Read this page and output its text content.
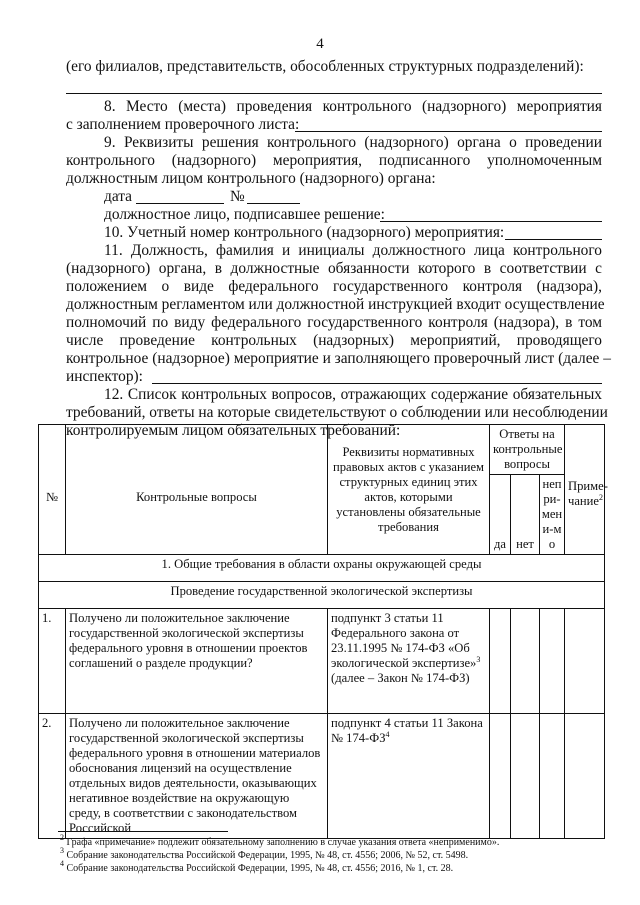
4
(его филиалов, представительств, обособленных структурных подразделений):
8. Место (места) проведения контрольного (надзорного) мероприятия
с заполнением проверочного листа:
9. Реквизиты решения контрольного (надзорного) органа о проведении
контрольного (надзорного) мероприятия, подписанного уполномоченным
должностным лицом контрольного (надзорного) органа:
дата	№
должностное лицо, подписавшее решение:
10. Учетный номер контрольного (надзорного) мероприятия:
11. Должность, фамилия и инициалы должностного лица контрольного
(надзорного) органа, в должностные обязанности которого в соответствии с
положением о виде федерального государственного контроля (надзора),
должностным регламентом или должностной инструкцией входит осуществление
полномочий по виду федерального государственного контроля (надзора), в том
числе проведение контрольных (надзорных) мероприятий, проводящего
контрольное (надзорное) мероприятие и заполняющего проверочный лист (далее –
инспектор):
12. Список контрольных вопросов, отражающих содержание обязательных
требований, ответы на которые свидетельствуют о соблюдении или несоблюдении
контролируемым лицом обязательных требований:
№	Контрольные вопросы	Реквизиты нормативных правовых актов с указанием структурных единиц этих актов, которыми установлены обязательные требования	Ответы на контрольные вопросы			Приме-чание$^2$
			да	нет	непри-мени-мо	
1. Общие требования в области охраны окружающей среды						
Проведение государственной экологической экспертизы						
1.	Получено ли положительное заключение государственной экологической экспертизы федерального уровня в отношении проектов соглашений о разделе продукции?	подпункт 3 статьи 11 Федерального закона от 23.11.1995 № 174-ФЗ «Об экологической экспертизе»$^3$ (далее – Закон № 174-ФЗ)				
2.	Получено ли положительное заключение государственной экологической экспертизы федерального уровня в отношении материалов обоснования лицензий на осуществление отдельных видов деятельности, оказывающих негативное воздействие на окружающую среду, в соответствии с законодательством Российской	подпункт 4 статьи 11 Закона № $174-ФЗ^4$				
$^2$ Графа «примечание» подлежит обязательному заполнению в случае указания ответа «неприменимо».
$^3$ Собрание законодательства Российской Федерации, 1995, № 48, ст. 4556; 2006, № 52, ст. 5498.
$^4$ Собрание законодательства Российской Федерации, 1995, № 48, ст. 4556; 2016, № 1, ст. 28.
